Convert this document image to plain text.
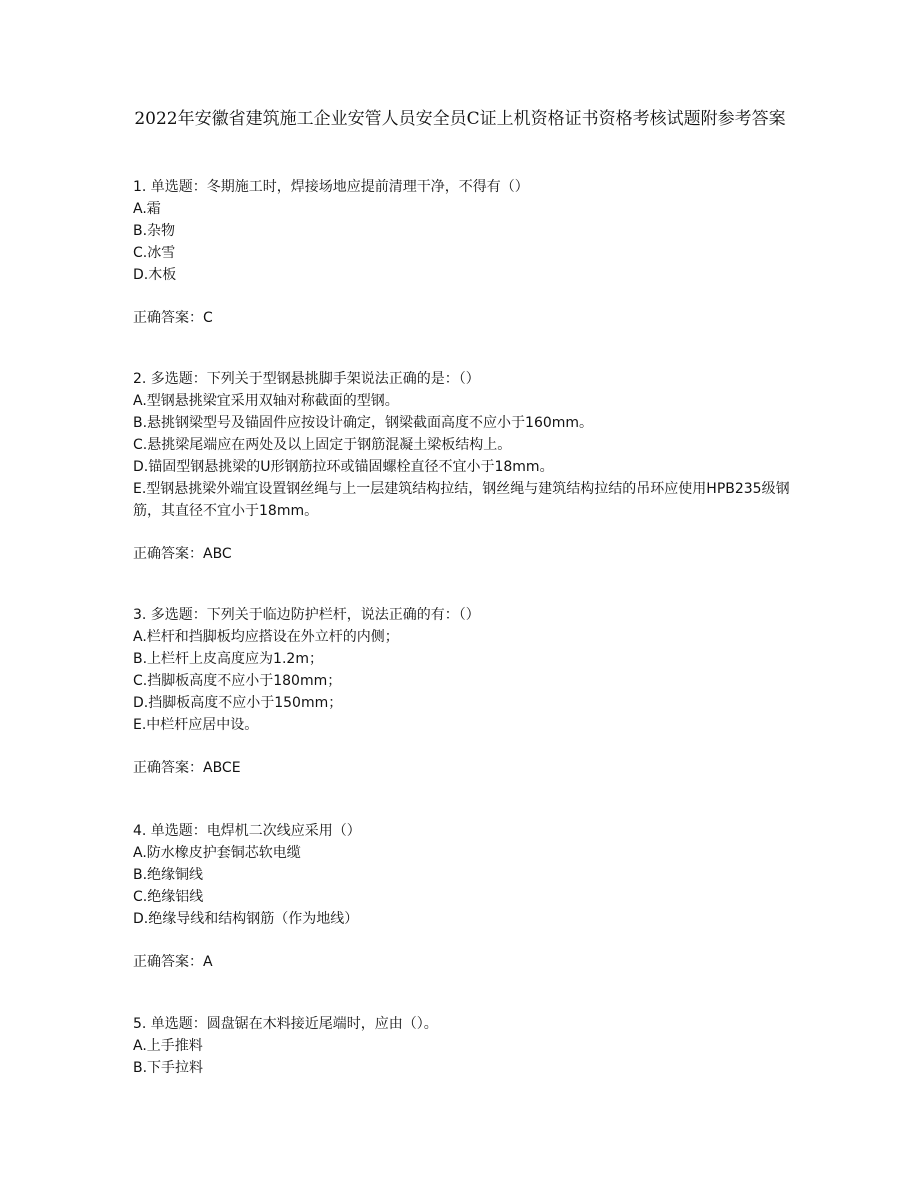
2022年安徽省建筑施工企业安管人员安全员C证上机资格证书资格考核试题附参考答案
1. 单选题：冬期施工时，焊接场地应提前清理干净，不得有（）
A.霜
B.杂物
C.冰雪
D.木板
正确答案：C
2. 多选题：下列关于型钢悬挑脚手架说法正确的是：（）
A.型钢悬挑梁宜采用双轴对称截面的型钢。
B.悬挑钢梁型号及锚固件应按设计确定，钢梁截面高度不应小于160mm。
C.悬挑梁尾端应在两处及以上固定于钢筋混凝土梁板结构上。
D.锚固型钢悬挑梁的U形钢筋拉环或锚固螺栓直径不宜小于18mm。
E.型钢悬挑梁外端宜设置钢丝绳与上一层建筑结构拉结，钢丝绳与建筑结构拉结的吊环应使用HPB235级钢筋，其直径不宜小于18mm。
正确答案：ABC
3. 多选题：下列关于临边防护栏杆，说法正确的有：（）
A.栏杆和挡脚板均应搭设在外立杆的内侧；
B.上栏杆上皮高度应为1.2m；
C.挡脚板高度不应小于180mm；
D.挡脚板高度不应小于150mm；
E.中栏杆应居中设。
正确答案：ABCE
4. 单选题：电焊机二次线应采用（）
A.防水橡皮护套铜芯软电缆
B.绝缘铜线
C.绝缘铝线
D.绝缘导线和结构钢筋（作为地线）
正确答案：A
5. 单选题：圆盘锯在木料接近尾端时，应由（）。
A.上手推料
B.下手拉料
